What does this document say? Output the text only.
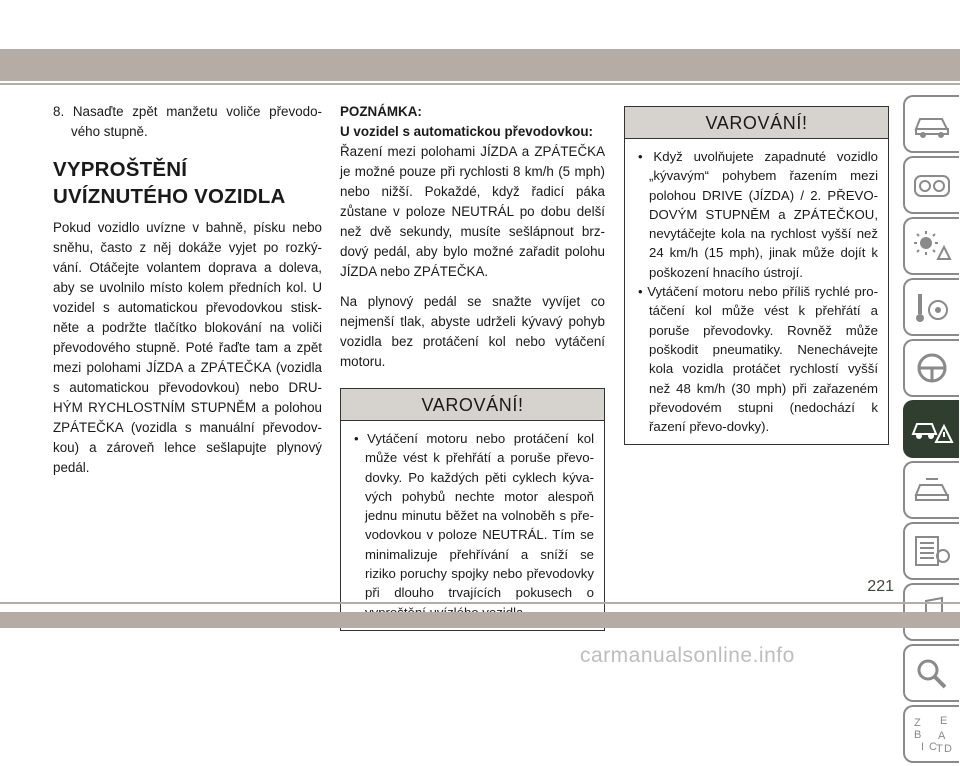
8. Nasaďte zpět manžetu voliče převodo-vého stupně.
VYPROŠTĚNÍ UVÍZNUTÉHO VOZIDLA

Pokud vozidlo uvízne v bahně, písku nebo sněhu, často z něj dokáže vyjet po rozký-vání. Otáčejte volantem doprava a doleva, aby se uvolnilo místo kolem předních kol. U vozidel s automatickou převodovkou stisk-něte a podržte tlačítko blokování na voliči převodového stupně. Poté řaďte tam a zpět mezi polohami JÍZDA a ZPÁTEČKA (vozidla s automatickou převodovkou) nebo DRU-HÝM RYCHLOSTNÍM STUPNĚM a polohou ZPÁTEČKA (vozidla s manuální převodov-kou) a zároveň lehce sešlapujte plynový pedál.

POZNÁMKA:
U vozidel s automatickou převodovkou:

Řazení mezi polohami JÍZDA a ZPÁTEČKA je možné pouze při rychlosti 8 km/h (5 mph) nebo nižší. Pokaždé, když řadicí páka zůstane v poloze NEUTRÁL po dobu delší než dvě sekundy, musíte sešlápnout brz-dový pedál, aby bylo možné zařadit polohu JÍZDA nebo ZPÁTEČKA.

Na plynový pedál se snažte vyvíjet co nejmenší tlak, abyste udrželi kývavý pohyb vozidla bez protáčení kol nebo vytáčení motoru.

VAROVÁNÍ!
• Vytáčení motoru nebo protáčení kol může vést k přehřátí a poruše převo-dovky. Po každých pěti cyklech kýva-vých pohybů nechte motor alespoň jednu minutu běžet na volnoběh s pře-vodovkou v poloze NEUTRÁL. Tím se minimalizuje přehřívání a sníží se riziko poruchy spojky nebo převodovky při dlouho trvajících pokusech o
VAROVÁNÍ!
• Když uvolňujete zapadnuté vozidlo „kývavým“ pohybem řazením mezi polohou DRIVE (JÍZDA) / 2. PŘEVO-DOVÝM STUPNĚM a ZPÁTEČKOU, nevytáčejte kola na rychlost vyšší než 24 km/h (15 mph), jinak může dojít k poškození hnacího ústrojí.
• Vytáčení motoru nebo příliš rychlé pro-táčení kol může vést k přehřátí a poruše převodovky. Rovněž může poškodit pneumatiky. Nenechávejte kola vozidla protáčet rychlostí vyšší než 48 km/h (30 mph) při zařazeném převodovém stupni (nedochází k řazení převo-dovky).
Z
B
E
I C
A
T D
221
carmanualsonline.info
